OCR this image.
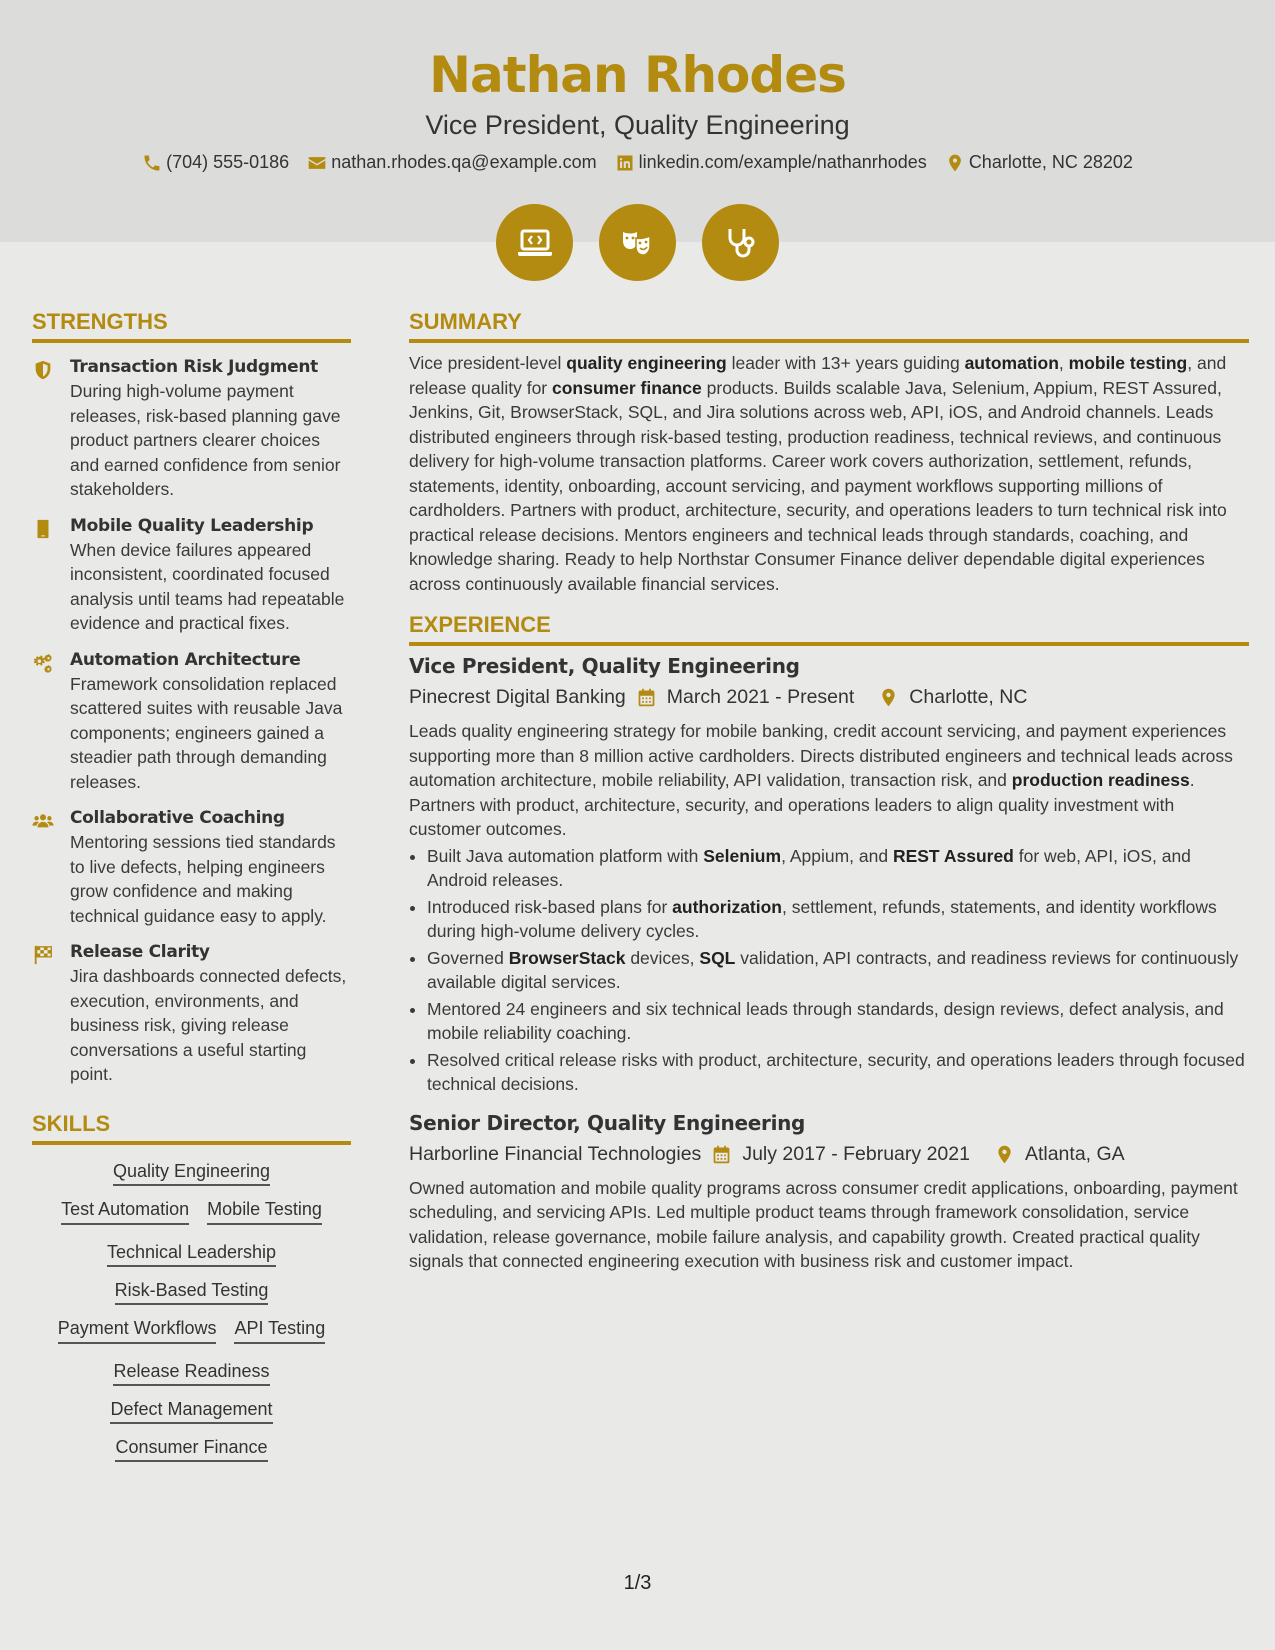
Nathan Rhodes
Vice President, Quality Engineering
(704) 555-0186 nathan.rhodes.qa@example.com linkedin.com/example/nathanrhodes Charlotte, NC 28202
STRENGTHS
Transaction Risk Judgment
During high-volume payment releases, risk-based planning gave product partners clearer choices and earned confidence from senior stakeholders.
Mobile Quality Leadership
When device failures appeared inconsistent, coordinated focused analysis until teams had repeatable evidence and practical fixes.
Automation Architecture
Framework consolidation replaced scattered suites with reusable Java components; engineers gained a steadier path through demanding releases.
Collaborative Coaching
Mentoring sessions tied standards to live defects, helping engineers grow confidence and making technical guidance easy to apply.
Release Clarity
Jira dashboards connected defects, execution, environments, and business risk, giving release conversations a useful starting point.
SKILLS
Quality Engineering
Test Automation Mobile Testing
Technical Leadership
Risk-Based Testing
Payment Workflows API Testing
Release Readiness
Defect Management
Consumer Finance
SUMMARY

Vice president-level quality engineering leader with 13+ years guiding automation, mobile testing, and release quality for consumer finance products. Builds scalable Java, Selenium, Appium, REST Assured, Jenkins, Git, BrowserStack, SQL, and Jira solutions across web, API, iOS, and Android channels. Leads distributed engineers through risk-based testing, production readiness, technical reviews, and continuous delivery for high-volume transaction platforms. Career work covers authorization, settlement, refunds, statements, identity, onboarding, account servicing, and payment workflows supporting millions of cardholders. Partners with product, architecture, security, and operations leaders to turn technical risk into practical release decisions. Mentors engineers and technical leads through standards, coaching, and knowledge sharing. Ready to help Northstar Consumer Finance deliver dependable digital experiences across continuously available financial services.

EXPERIENCE
Vice President, Quality Engineering
Pinecrest Digital Banking March 2021 - Present	Charlotte, NC
Leads quality engineering strategy for mobile banking, credit account servicing, and payment experiences supporting more than 8 million active cardholders. Directs distributed engineers and technical leads across automation architecture, mobile reliability, API validation, transaction risk, and production readiness. Partners with product, architecture, security, and operations leaders to align quality investment with customer outcomes.
• Built Java automation platform with Selenium, Appium, and REST Assured for web, API, iOS, and Android releases.
• Introduced risk-based plans for authorization, settlement, refunds, statements, and identity workflows during high-volume delivery cycles.
• Governed BrowserStack devices, SQL validation, API contracts, and readiness reviews for continuously available digital services.
• Mentored 24 engineers and six technical leads through standards, design reviews, defect analysis, and mobile reliability coaching.
• Resolved critical release risks with product, architecture, security, and operations leaders through focused technical decisions.
Senior Director, Quality Engineering
Harborline Financial Technologies July 2017 - February 2021	Atlanta, GA
Owned automation and mobile quality programs across consumer credit applications, onboarding, payment scheduling, and servicing APIs. Led multiple product teams through framework consolidation, service validation, release governance, mobile failure analysis, and capability growth. Created practical quality signals that connected engineering execution with business risk and customer impact.
1/3
